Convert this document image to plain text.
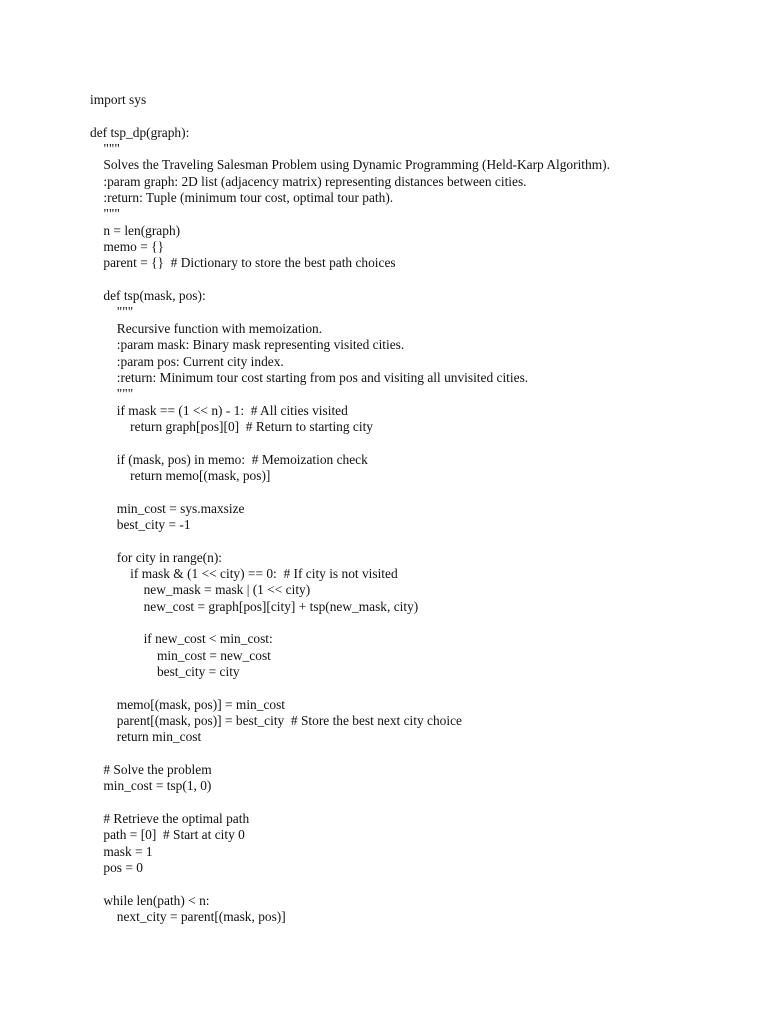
import sys
def tsp_dp(graph):
"""
Solves the Traveling Salesman Problem using Dynamic Programming (Held-Karp Algorithm).
:param graph: 2D list (adjacency matrix) representing distances between cities.
:return: Tuple (minimum tour cost, optimal tour path).
"""
n = len(graph)
memo = {}
parent = {}  # Dictionary to store the best path choices
def tsp(mask, pos):
"""
Recursive function with memoization.
:param mask: Binary mask representing visited cities.
:param pos: Current city index.
:return: Minimum tour cost starting from pos and visiting all unvisited cities.
"""
if mask == (1 << n) - 1:  # All cities visited
return graph[pos][0]  # Return to starting city
if (mask, pos) in memo:  # Memoization check
return memo[(mask, pos)]
min_cost = sys.maxsize
best_city = -1
for city in range(n):
if mask & (1 << city) == 0:  # If city is not visited
new_mask = mask | (1 << city)
new_cost = graph[pos][city] + tsp(new_mask, city)
if new_cost < min_cost:
min_cost = new_cost
best_city = city
memo[(mask, pos)] = min_cost
parent[(mask, pos)] = best_city  # Store the best next city choice
return min_cost
# Solve the problem
min_cost = tsp(1, 0)
# Retrieve the optimal path
path = [0]  # Start at city 0
mask = 1
pos = 0
while len(path) < n:
next_city = parent[(mask, pos)]
